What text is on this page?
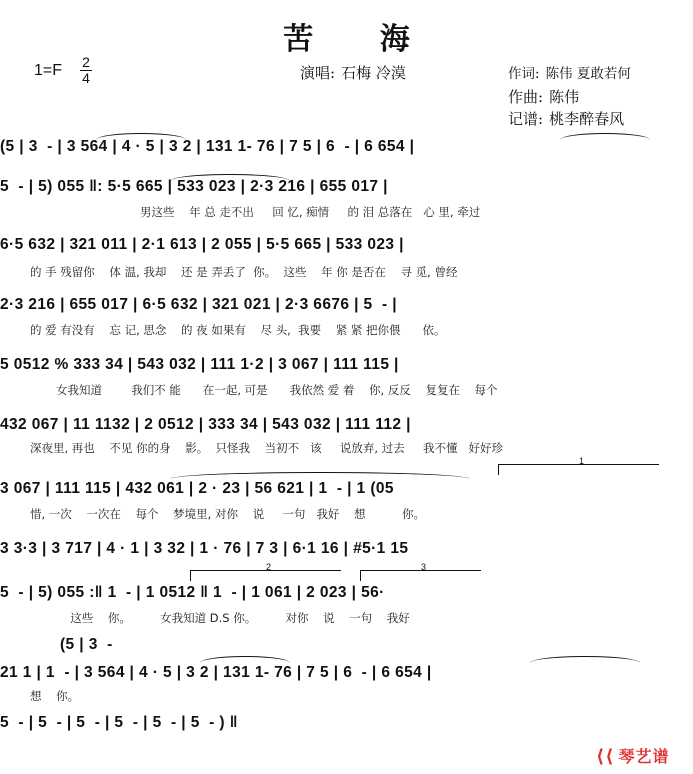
苦 海
1=F 2
4	演唱: 石梅 冷漠	作词: 陈伟 夏敢若何
作曲: 陈伟
记谱: 桃李醉春风
(5 | 3  - | 3 564 | 4 · 5 | 3 2 | 131 1- 76 | 7 5 | 6  - | 6 654 |
5  - | 5) 055 ‖: 5·5 665 | 533 023 | 2·3 216 | 655 017 |
男这些    年 总 走不出     回 忆, 痴情     的 泪 总落在   心 里, 牵过
6·5 632 | 321 011 | 2·1 613 | 2 055 | 5·5 665 | 533 023 |
的 手 残留你    体 温, 我却    还 是 弄丢了  你。  这些    年 你 是否在    寻 觅, 曾经
2·3 216 | 655 017 | 6·5 632 | 321 021 | 2·3 6676 | 5  - |
的 爱 有没有    忘 记, 思念    的 夜 如果有    尽 头,  我要    紧 紧 把你偎      依。
5 0512 % 333 34 | 543 032 | 111 1·2 | 3 067 | 111 115 |
女我知道        我们不 能      在一起, 可是      我依然 爱 着    你, 反反    复复在    每个
432 067 | 11 1132 | 2 0512 | 333 34 | 543 032 | 111 112 |
深夜里, 再也    不见 你的身    影。  只怪我    当初不   该     说放弃, 过去     我不懂   好好珍
3 067 | 111 115 | 432 061 | 2 · 23 | 56 621 | 1  - | 1 (05
惜, 一次    一次在    每个    梦境里, 对你    说     一句   我好    想          你。
3 3·3 | 3 717 | 4 · 1 | 3 32 | 1 · 76 | 7 3 | 6·1 16 | #5·1 15
5  - | 5) 055 :‖ 1  - | 1 0512 ‖ 1  - | 1 061 | 2 023 | 56·
这些    你。        女我知道 D.S 你。        对你    说    一句    我好
(5 | 3  -
21 1 | 1  - | 3 564 | 4 · 5 | 3 2 | 131 1- 76 | 7 5 | 6  - | 6 654 |
想    你。
5  - | 5  - | 5  - | 5  - | 5  - | 5  - ) ‖
1
2	3
⟨⟨ 琴艺谱
